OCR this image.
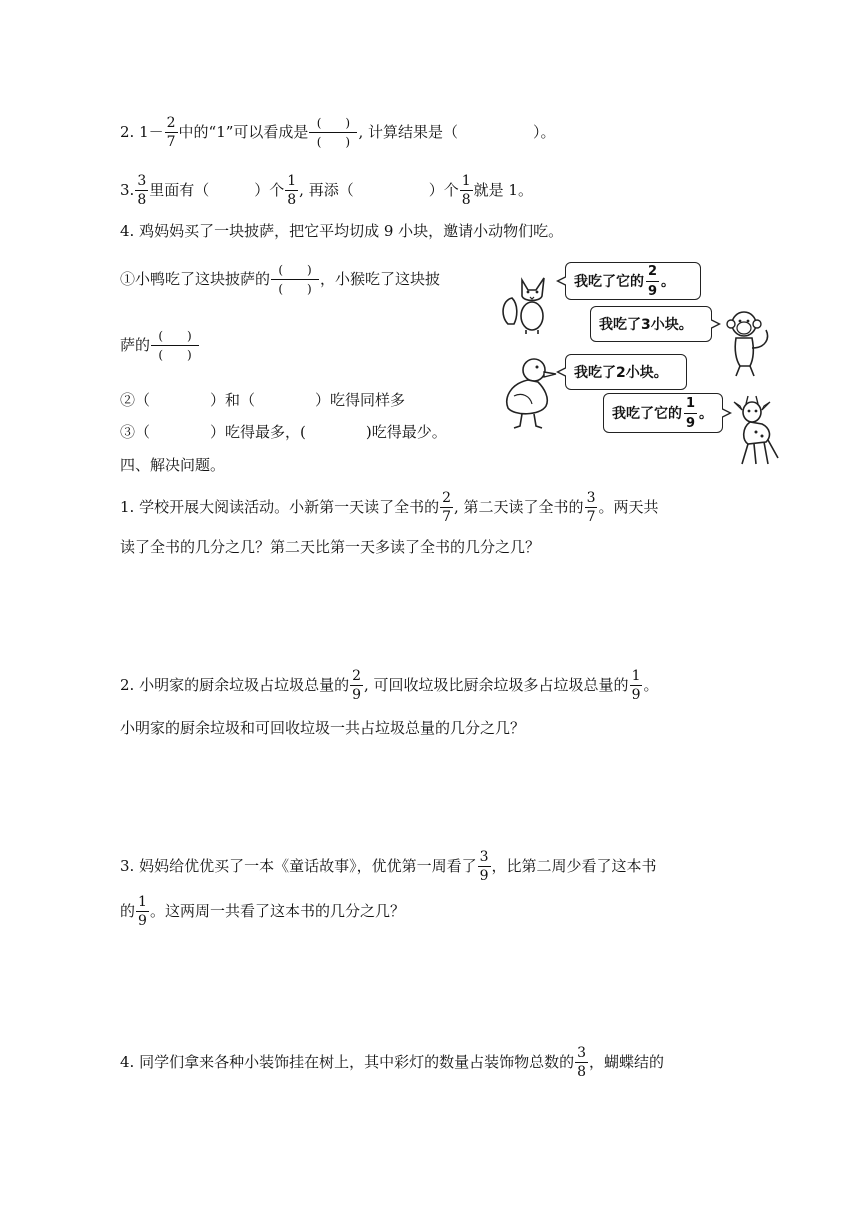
2. $1- \frac{2}{7}$ 中的“1”可以看成是 $\frac{( )}{( )}$ , 计算结果是（　　　　　）。
3. $\frac{3}{8}$ 里面有（　　　）个 $\frac{1}{8}$ , 再添（　　　　　）个 $\frac{1}{8}$ 就是 1。
4. 鸡妈妈买了一块披萨，把它平均切成 9 小块，邀请小动物们吃。
①小鸭吃了这块披萨的 $\frac{( )}{( )}$ ，小猴吃了这块披
萨的 $\frac{( )}{( )}$
②（　　　　）和（　　　　）吃得同样多
③（　　　　）吃得最多，(　　　　)吃得最少。
我吃了它的 $\frac{2}{9}$ 。
我吃了3小块。
我吃了2小块。
我吃了它的 $\frac{1}{9}$ 。
四、解决问题。
1. 学校开展大阅读活动。小新第一天读了全书的 $\frac{2}{7}$ , 第二天读了全书的 $\frac{3}{7}$ 。两天共
读了全书的几分之几？第二天比第一天多读了全书的几分之几？
2. 小明家的厨余垃圾占垃圾总量的 $\frac{2}{9}$ , 可回收垃圾比厨余垃圾多占垃圾总量的 $\frac{1}{9}$ 。
小明家的厨余垃圾和可回收垃圾一共占垃圾总量的几分之几？
3. 妈妈给优优买了一本《童话故事》，优优第一周看了 $\frac{3}{9}$ ，比第二周少看了这本书
的 $\frac{1}{9}$ 。这两周一共看了这本书的几分之几？
4. 同学们拿来各种小装饰挂在树上，其中彩灯的数量占装饰物总数的 $\frac{3}{8}$ ，蝴蝶结的
